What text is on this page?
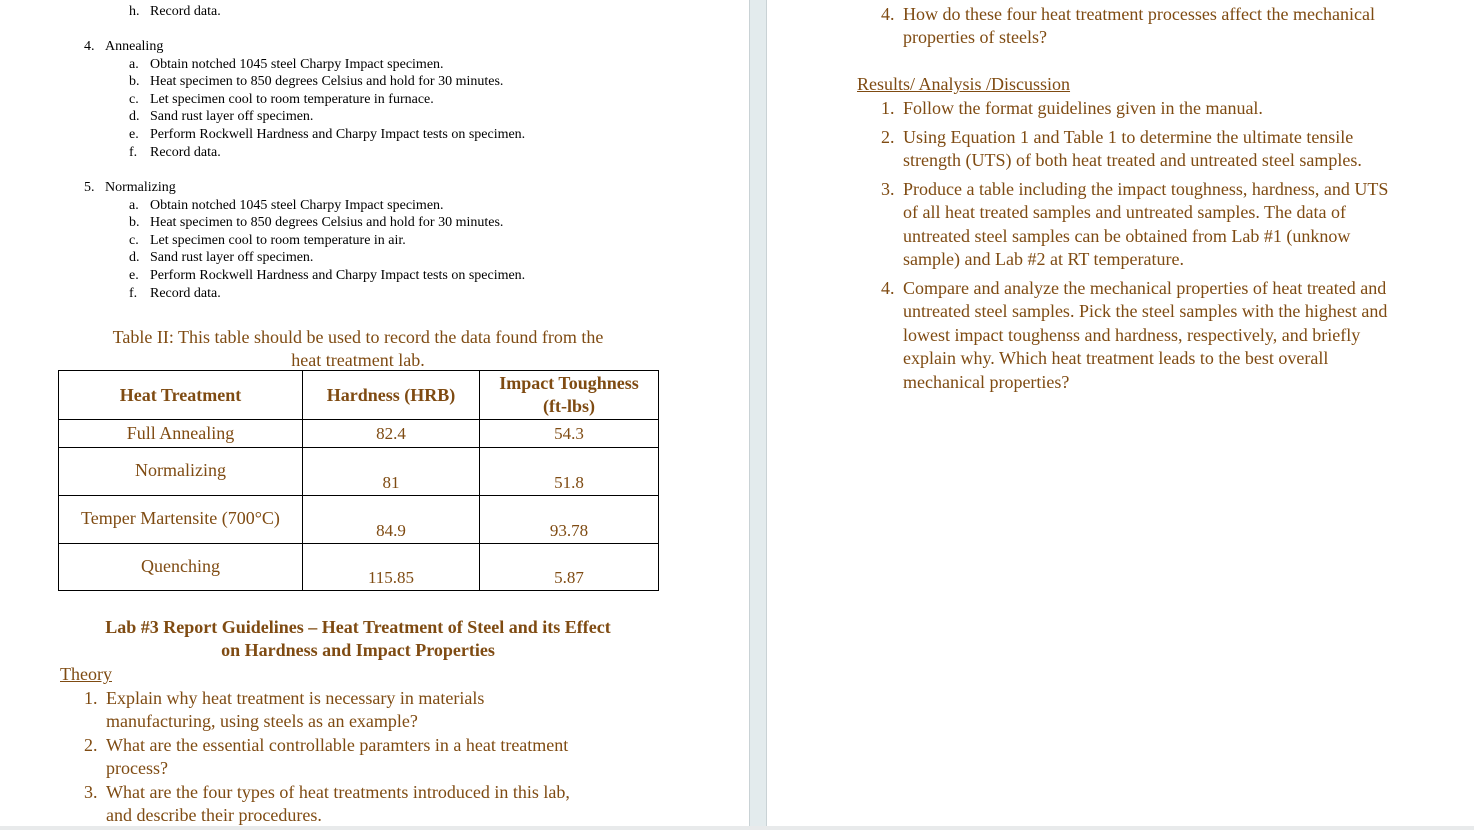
h. Record data.
4. Annealing
a. Obtain notched 1045 steel Charpy Impact specimen.
b. Heat specimen to 850 degrees Celsius and hold for 30 minutes.
c. Let specimen cool to room temperature in furnace.
d. Sand rust layer off specimen.
e. Perform Rockwell Hardness and Charpy Impact tests on specimen.
f. Record data.
5. Normalizing
a. Obtain notched 1045 steel Charpy Impact specimen.
b. Heat specimen to 850 degrees Celsius and hold for 30 minutes.
c. Let specimen cool to room temperature in air.
d. Sand rust layer off specimen.
e. Perform Rockwell Hardness and Charpy Impact tests on specimen.
f. Record data.
Table II: This table should be used to record the data found from the
heat treatment lab.
Heat Treatment	Hardness (HRB)	Impact Toughness
(ft-lbs)

Full Annealing	82.4	54.3
Normalizing	81	51.8
Temper Martensite (700°C)	84.9	93.78
Quenching	115.85	5.87
Lab #3 Report Guidelines – Heat Treatment of Steel and its Effect
on Hardness and Impact Properties
Theory
1. Explain why heat treatment is necessary in materials
manufacturing, using steels as an example?
2. What are the essential controllable paramters in a heat treatment
process?
3. What are the four types of heat treatments introduced in this lab,
and describe their procedures.
4. How do these four heat treatment processes affect the mechanical
properties of steels?
Results/ Analysis /Discussion
1. Follow the format guidelines given in the manual.
2. Using Equation 1 and Table 1 to determine the ultimate tensile
strength (UTS) of both heat treated and untreated steel samples.
3. Produce a table including the impact toughness, hardness, and UTS
of all heat treated samples and untreated samples. The data of
untreated steel samples can be obtained from Lab #1 (unknow
sample) and Lab #2 at RT temperature.
4. Compare and analyze the mechanical properties of heat treated and
untreated steel samples. Pick the steel samples with the highest and
lowest impact toughenss and hardness, respectively, and briefly
explain why. Which heat treatment leads to the best overall
mechanical properties?
